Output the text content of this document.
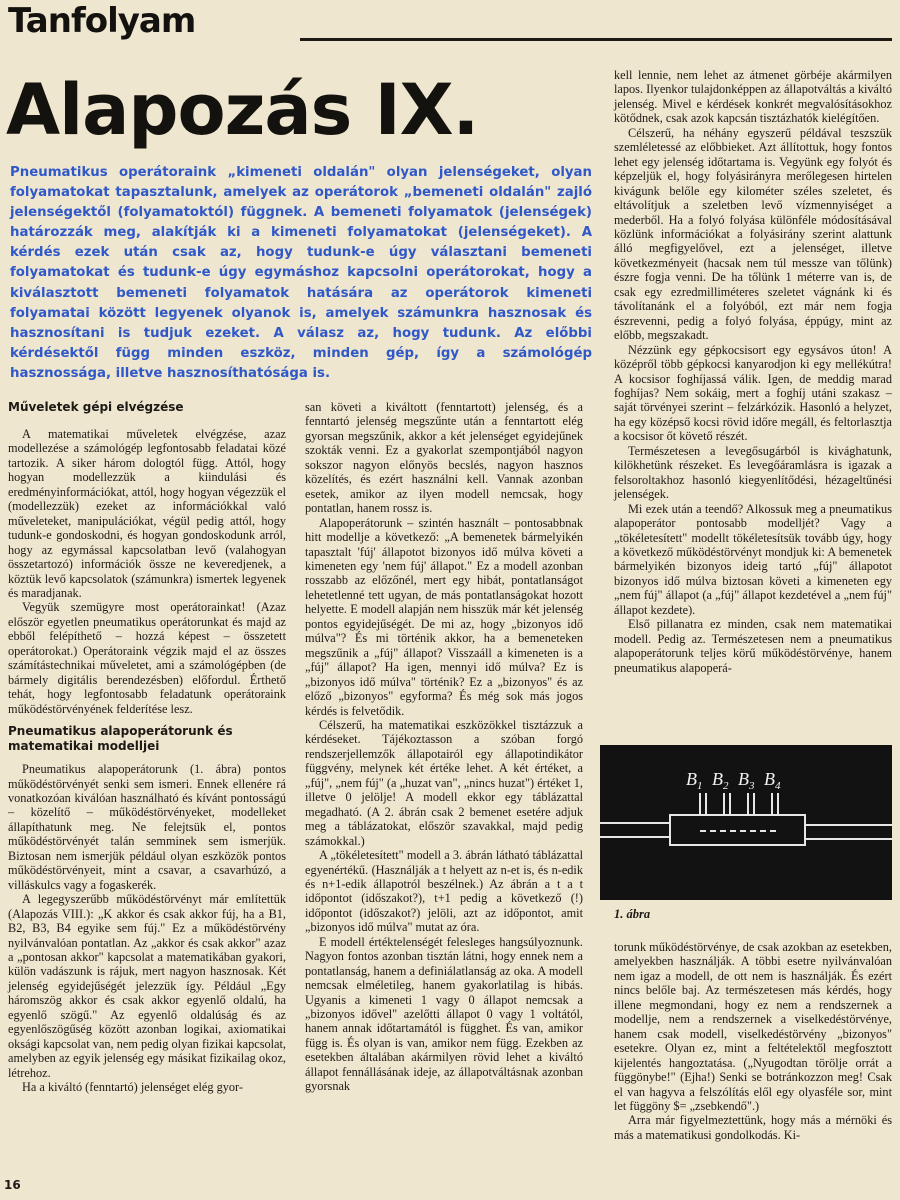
Tanfolyam
Alapozás IX.
Pneumatikus operátoraink „kimeneti oldalán" olyan jelenségeket, olyan folyamatokat tapasztalunk, amelyek az operátorok „bemeneti oldalán" zajló jelenségektől (folyamatoktól) függnek. A bemeneti folyamatok (jelenségek) határozzák meg, alakítják ki a kimeneti folyamatokat (jelenségeket). A kérdés ezek után csak az, hogy tudunk-e úgy választani bemeneti folyamatokat és tudunk-e úgy egymáshoz kapcsolni operátorokat, hogy a kiválasztott bemeneti folyamatok hatására az operátorok kimeneti folyamatai között legyenek olyanok is, amelyek számunkra hasznosak és hasznosítani is tudjuk ezeket. A válasz az, hogy tudunk. Az előbbi kérdésektől függ minden eszköz, minden gép, így a számológép hasznossága, illetve hasznosíthatósága is.
Műveletek gépi elvégzése

A matematikai műveletek elvégzése, azaz modellezése a számológép legfontosabb feladatai közé tartozik. A siker három dologtól függ. Attól, hogy hogyan modellezzük a kiindulási és eredményinformációkat, attól, hogy hogyan végezzük el (modellezzük) ezeket az információkkal való műveleteket, manipulációkat, végül pedig attól, hogy tudunk-e gondoskodni, és hogyan gondoskodunk arról, hogy az egymással kapcsolatban levő (valahogyan összetartozó) információk össze ne keveredjenek, a köztük levő kapcsolatok (számunkra) ismertek legyenek és maradjanak.

Vegyük szemügyre most operátorainkat! (Azaz először egyetlen pneumatikus operátorunkat és majd az ebből felépíthető – hozzá képest – összetett operátorokat.) Operátoraink végzik majd el az összes számítástechnikai műveletet, ami a számológépben (de bármely digitális berendezésben) előfordul. Érthető tehát, hogy legfontosabb feladatunk operátoraink működéstörvényének felderítése lesz.

Pneumatikus alapoperátorunk és matematikai modelljei

Pneumatikus alapoperátorunk (1. ábra) pontos működéstörvényét senki sem ismeri. Ennek ellenére rá vonatkozóan kiválóan használható és kívánt pontosságú – közelítő – működéstörvényeket, modelleket állapíthatunk meg. Ne felejtsük el, pontos működéstörvényét talán semminek sem ismerjük. Biztosan nem ismerjük például olyan eszközök pontos működéstörvényeit, mint a csavar, a csavarhúzó, a villáskulcs vagy a fogaskerék.

A legegyszerűbb működéstörvényt már említettük (Alapozás VIII.): „K akkor és csak akkor fúj, ha a B1, B2, B3, B4 egyike sem fúj." Ez a működéstörvény nyilvánvalóan pontatlan. Az „akkor és csak akkor" azaz a „pontosan akkor" kapcsolat a matematikában gyakori, külön vadászunk is rájuk, mert nagyon hasznosak. Két jelenség egyidejűségét jelezzük így. Például „Egy háromszög akkor és csak akkor egyenlő oldalú, ha egyenlő szögű." Az egyenlő oldalúság és az egyenlőszögűség között azonban logikai, axiomatikai oksági kapcsolat van, nem pedig olyan fizikai kapcsolat, amelyben az egyik jelenség egy másikat fizikailag okoz, létrehoz.

Ha a kiváltó (fenntartó) jelenséget elég gyor-

san követi a kiváltott (fenntartott) jelenség, és a fenntartó jelenség megszűnte után a fenntartott elég gyorsan megszűnik, akkor a két jelenséget egyidejűnek szokták venni. Ez a gyakorlat szempontjából nagyon sokszor nagyon előnyös becslés, nagyon hasznos közelítés, és ezért használni kell. Vannak azonban esetek, amikor az ilyen modell nemcsak, hogy pontatlan, hanem rossz is.

Alapoperátorunk – szintén használt – pontosabbnak hitt modellje a következő: „A bemenetek bármelyikén tapasztalt 'fúj' állapotot bizonyos idő múlva követi a kimeneten egy 'nem fúj' állapot." Ez a modell azonban rosszabb az előzőnél, mert egy hibát, pontatlanságot lehetetlenné tett ugyan, de más pontatlanságokat hozott helyette. E modell alapján nem hisszük már két jelenség pontos egyidejűségét. De mi az, hogy „bizonyos idő múlva"? És mi történik akkor, ha a bemeneteken megszűnik a „fúj" állapot? Visszaáll a kimeneten is a „fúj" állapot? Ha igen, mennyi idő múlva? Ez is „bizonyos idő múlva" történik? Ez a „bizonyos" és az előző „bizonyos" egyforma? És még sok más jogos kérdés is felvetődik.

Célszerű, ha matematikai eszközökkel tisztázzuk a kérdéseket. Tájékoztasson a szóban forgó rendszerjellemzők állapotairól egy állapotindikátor függvény, melynek két értéke lehet. A két értéket, a „fúj", „nem fúj" (a „huzat van", „nincs huzat") értéket 1, illetve 0 jelölje! A modell ekkor egy táblázattal megadható. (A 2. ábrán csak 2 bemenet esetére adjuk meg a táblázatokat, először szavakkal, majd pedig számokkal.)

A „tökéletesített" modell a 3. ábrán látható táblázattal egyenértékű. (Használják a t helyett az n-et is, és n-edik és n+1-edik állapotról beszélnek.) Az ábrán a t a t időpontot (időszakot?), t+1 pedig a következő (!) időpontot (időszakot?) jelöli, azt az időpontot, amit „bizonyos idő múlva" mutat az óra.

E modell értéktelenségét felesleges hangsúlyoznunk. Nagyon fontos azonban tisztán látni, hogy ennek nem a pontatlanság, hanem a definiálatlanság az oka. A modell nemcsak elméletileg, hanem gyakorlatilag is hibás. Ugyanis a kimeneti 1 vagy 0 állapot nemcsak a „bizonyos idővel" azelőtti állapot 0 vagy 1 voltától, hanem annak időtartamától is függhet. És van, amikor függ is. És olyan is van, amikor nem függ. Ezekben az esetekben általában akármilyen rövid lehet a kiváltó állapot fennállásának ideje, az állapotváltásnak azonban gyorsnak

kell lennie, nem lehet az átmenet görbéje akármilyen lapos. Ilyenkor tulajdonképpen az állapotváltás a kiváltó jelenség. Mivel e kérdések konkrét megvalósításokhoz kötődnek, csak azok kapcsán tisztázhatók kielégítően.

Célszerű, ha néhány egyszerű példával teszszük szemléletessé az előbbieket. Azt állítottuk, hogy fontos lehet egy jelenség időtartama is. Vegyünk egy folyót és képzeljük el, hogy folyásirányra merőlegesen hirtelen kivágunk belőle egy kilométer széles szeletet, és eltávolítjuk a szeletben levő vízmennyiséget a mederből. Ha a folyó folyása különféle módosításával közlünk információkat a folyásirány szerint alattunk álló megfigyelővel, ezt a jelenséget, illetve következményeit (hacsak nem túl messze van tőlünk) észre fogja venni. De ha tőlünk 1 méterre van is, de csak egy ezredmilliméteres szeletet vágnánk ki és távolítanánk el a folyóból, ezt már nem fogja észrevenni, pedig a folyó folyása, éppúgy, mint az előbb, megszakadt.

Nézzünk egy gépkocsisort egy egysávos úton! A középről több gépkocsi kanyarodjon ki egy mellékútra! A kocsisor foghíjassá válik. Igen, de meddig marad foghíjas? Nem sokáig, mert a foghíj utáni szakasz – saját törvényei szerint – felzárkózik. Hasonló a helyzet, ha egy középső kocsi rövid időre megáll, és feltorlasztja a kocsisor őt követő részét.

Természetesen a levegősugárból is kivághatunk, kilökhetünk részeket. Es levegőáramlásra is igazak a felsoroltakhoz hasonló kiegyenlítődési, hézageltűnési jelenségek.

Mi ezek után a teendő? Alkossuk meg a pneumatikus alapoperátor pontosabb modelljét? Vagy a „tökéletesített" modellt tökéletesítsük tovább úgy, hogy a következő működéstörvényt mondjuk ki: A bemenetek bármelyikén bizonyos ideig tartó „fúj" állapotot bizonyos idő múlva biztosan követi a kimeneten egy „nem fúj" állapot (a „fúj" állapot kezdetével a „nem fúj" állapot kezdete).

Első pillanatra ez minden, csak nem matematikai modell. Pedig az. Természetesen nem a pneumatikus alapoperátorunk teljes körű működéstörvénye, hanem pneumatikus alapoperá-

$B_1$ $B_2$ $B_3$ $B_4$
1. ábra

torunk működéstörvénye, de csak azokban az esetekben, amelyekben használják. A többi esetre nyilvánvalóan nem igaz a modell, de ott nem is használják. És ezért nincs belőle baj. Az természetesen más kérdés, hogy illene megmondani, hogy ez nem a rendszernek a modellje, nem a rendszernek a viselkedéstörvénye, hanem csak modell, viselkedéstörvény „bizonyos" esetekre. Olyan ez, mint a feltételektől megfosztott kijelentés hangoztatása. („Nyugodtan törölje orrát a függönybe!" (Ejha!) Senki se botránkozzon meg! Csak el van hagyva a felszólítás elől egy olyasféle sor, mint let függöny $= „zsebkendő".)

Arra már figyelmeztettünk, hogy más a mérnöki és más a matematikusi gondolkodás. Ki-

16
